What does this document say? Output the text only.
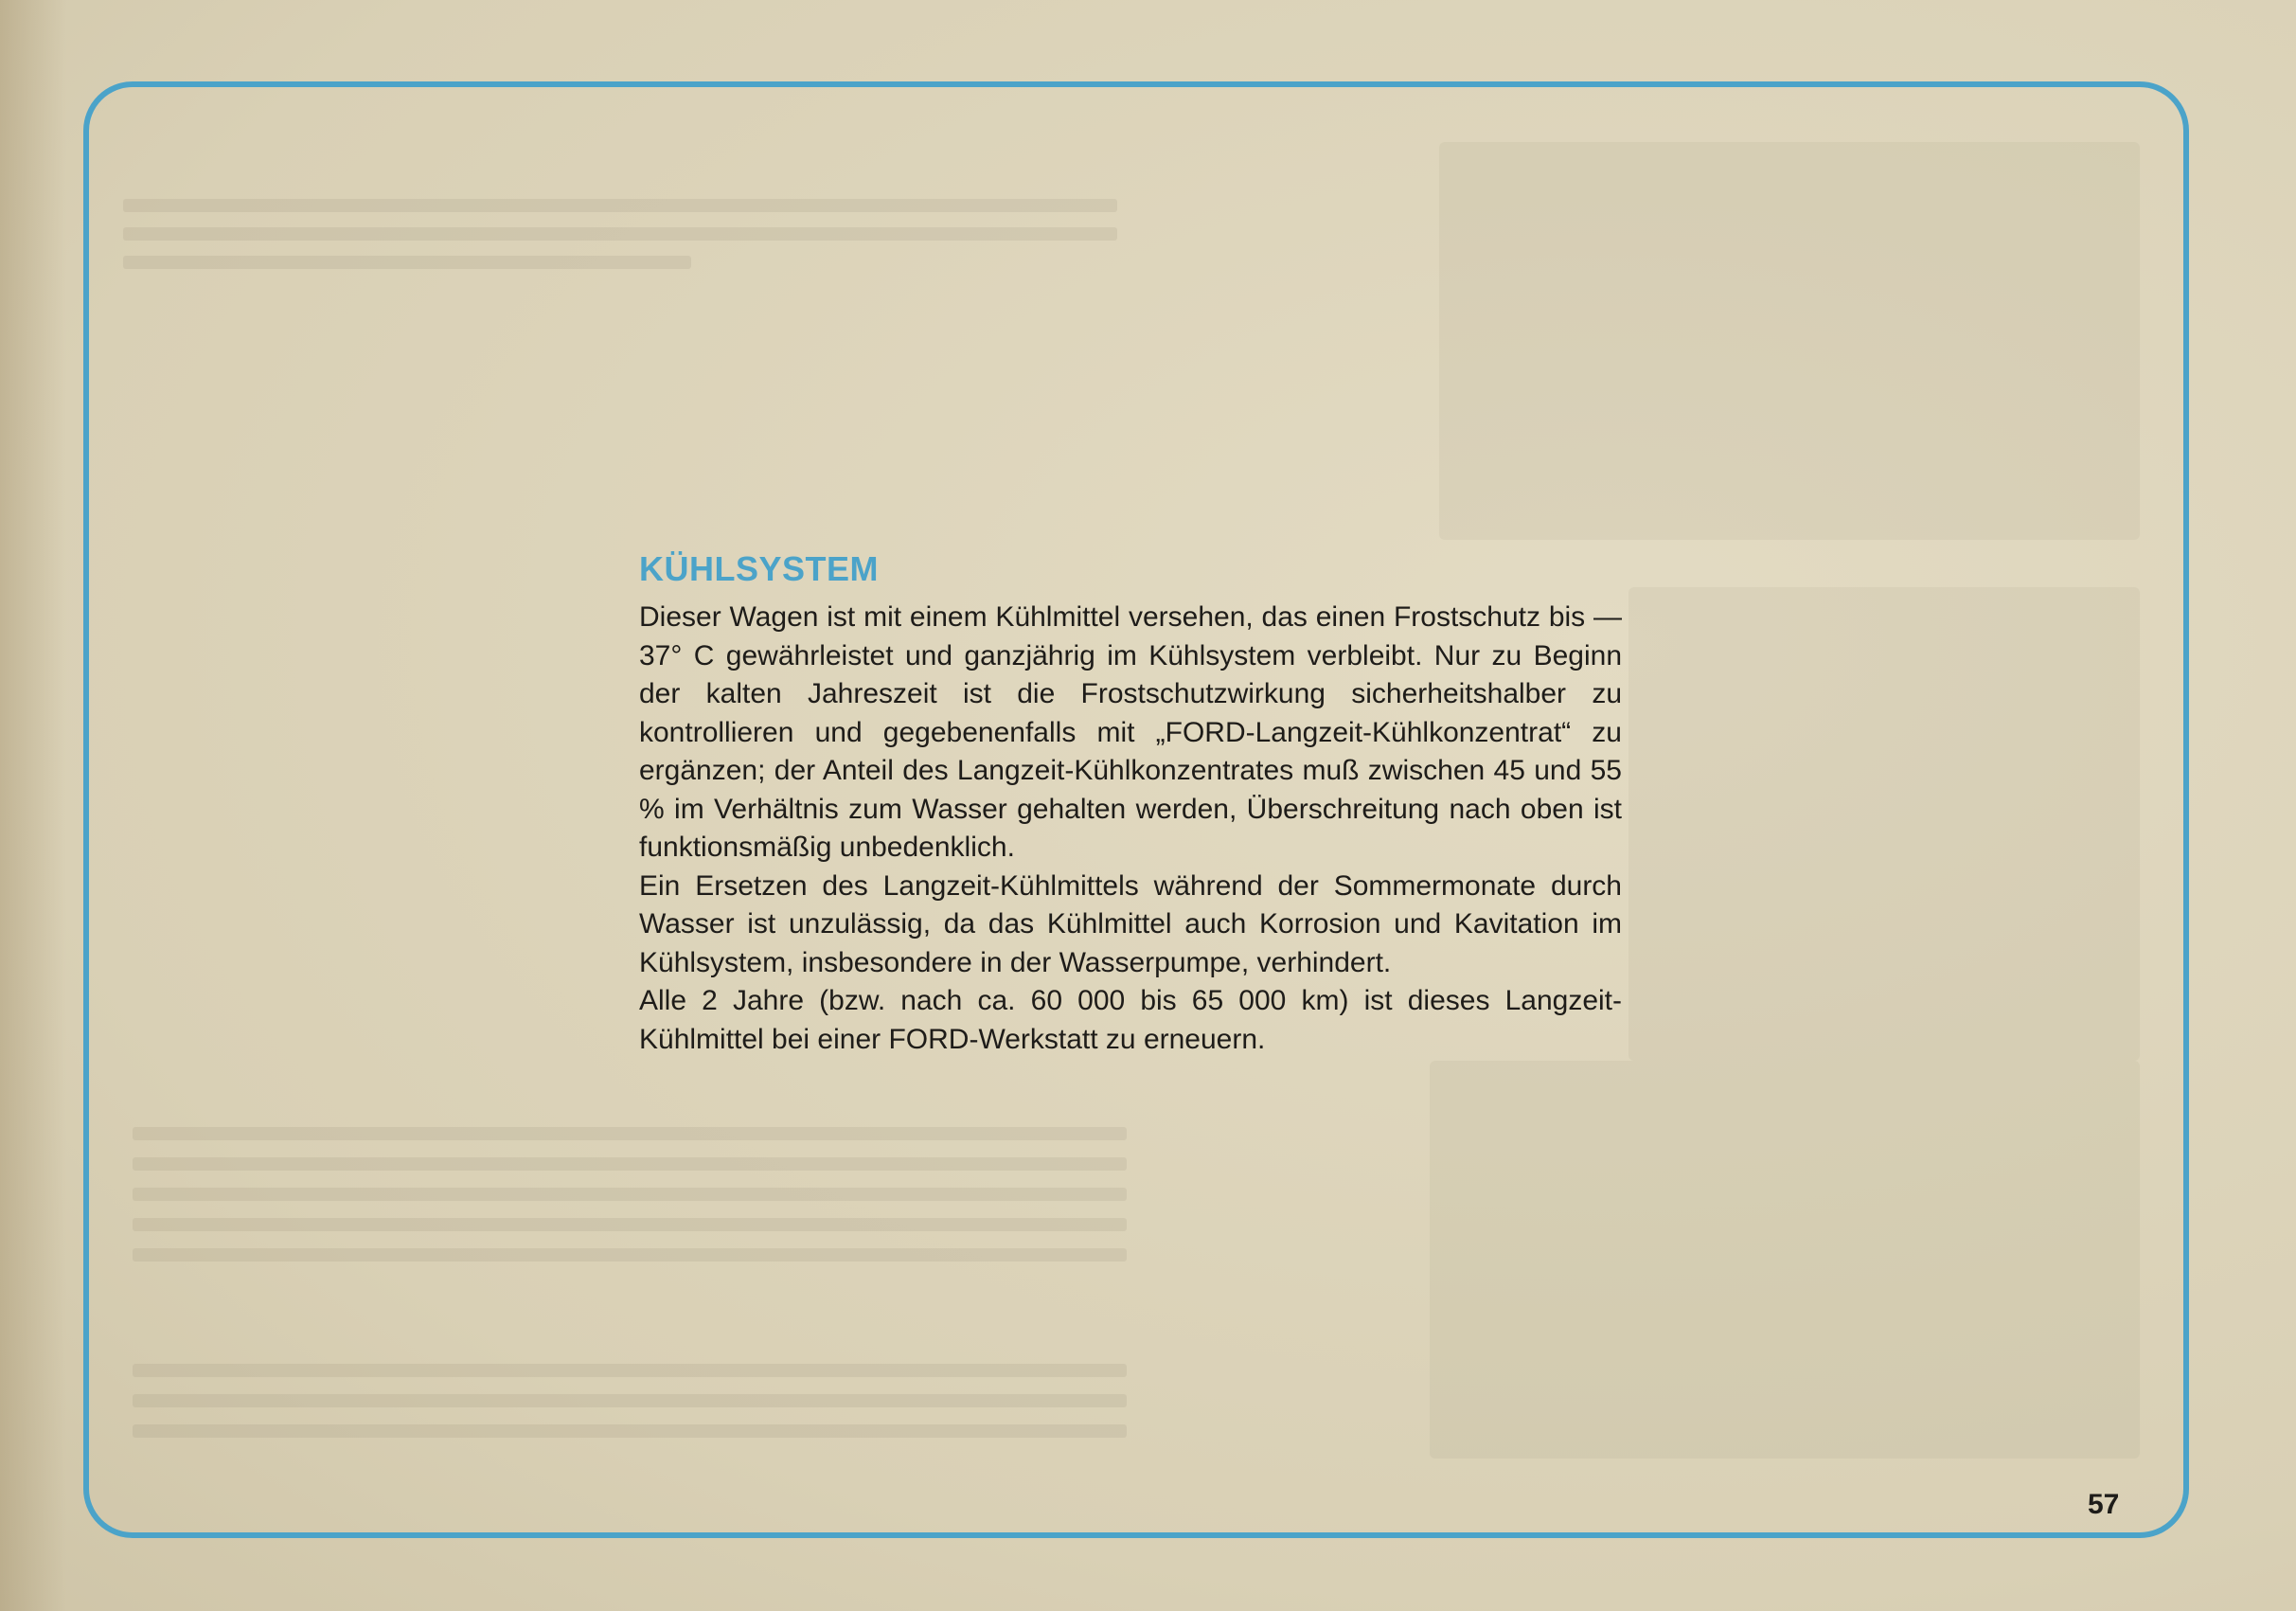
KÜHLSYSTEM

Dieser Wagen ist mit einem Kühlmittel versehen, das einen Frostschutz bis —37° C gewährleistet und ganzjährig im Kühlsystem verbleibt. Nur zu Beginn der kalten Jahreszeit ist die Frostschutzwirkung sicherheitshalber zu kontrollieren und gegebenenfalls mit „FORD-Langzeit-Kühlkonzentrat“ zu ergänzen; der Anteil des Langzeit-Kühlkonzentrates muß zwischen 45 und 55 % im Verhältnis zum Wasser gehalten werden, Überschreitung nach oben ist funktionsmäßig unbedenklich.

Ein Ersetzen des Langzeit-Kühlmittels während der Sommermonate durch Wasser ist unzulässig, da das Kühlmittel auch Korrosion und Kavitation im Kühlsystem, insbesondere in der Wasserpumpe, verhindert.

Alle 2 Jahre (bzw. nach ca. 60 000 bis 65 000 km) ist dieses Langzeit-Kühlmittel bei einer FORD-Werkstatt zu erneuern.

57
